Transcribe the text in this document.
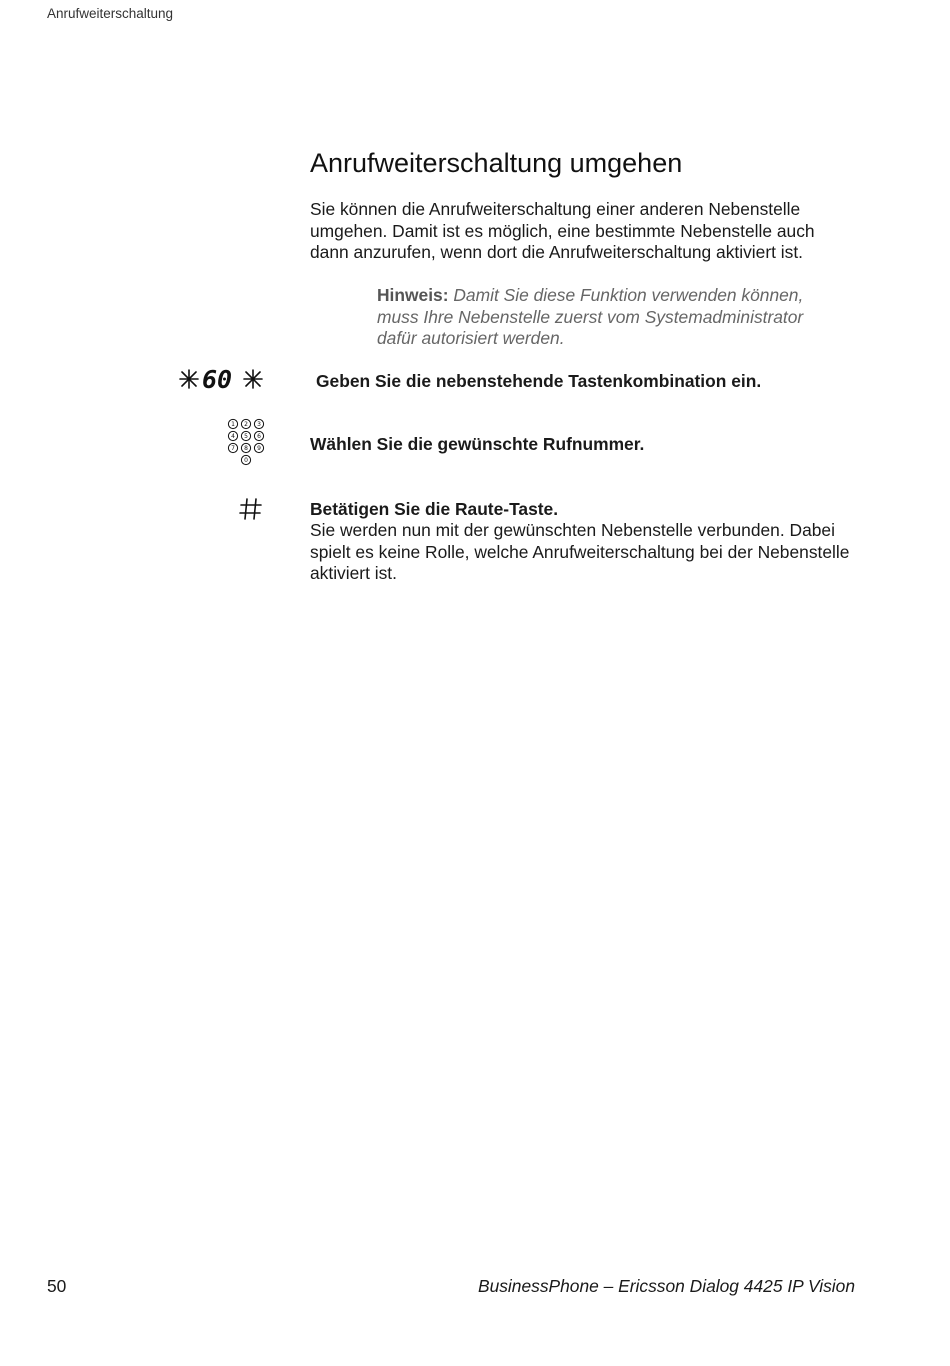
Anrufweiterschaltung
Anrufweiterschaltung umgehen

Sie können die Anrufweiterschaltung einer anderen Nebenstelle umgehen. Damit ist es möglich, eine bestimmte Nebenstelle auch dann anzurufen, wenn dort die Anrufweiterschaltung aktiviert ist.

Hinweis: Damit Sie diese Funktion verwenden können, muss Ihre Nebenstelle zuerst vom Systemadministrator dafür autorisiert werden.

60	Geben Sie die nebenstehende Tastenkombination ein.

1 2 3
4 5 6
7 8 9
0

Wählen Sie die gewünschte Rufnummer.

Betätigen Sie die Raute-Taste.

Sie werden nun mit der gewünschten Nebenstelle verbunden. Dabei spielt es keine Rolle, welche Anrufweiterschaltung bei der Nebenstelle aktiviert ist.

50	BusinessPhone – Ericsson Dialog 4425 IP Vision
